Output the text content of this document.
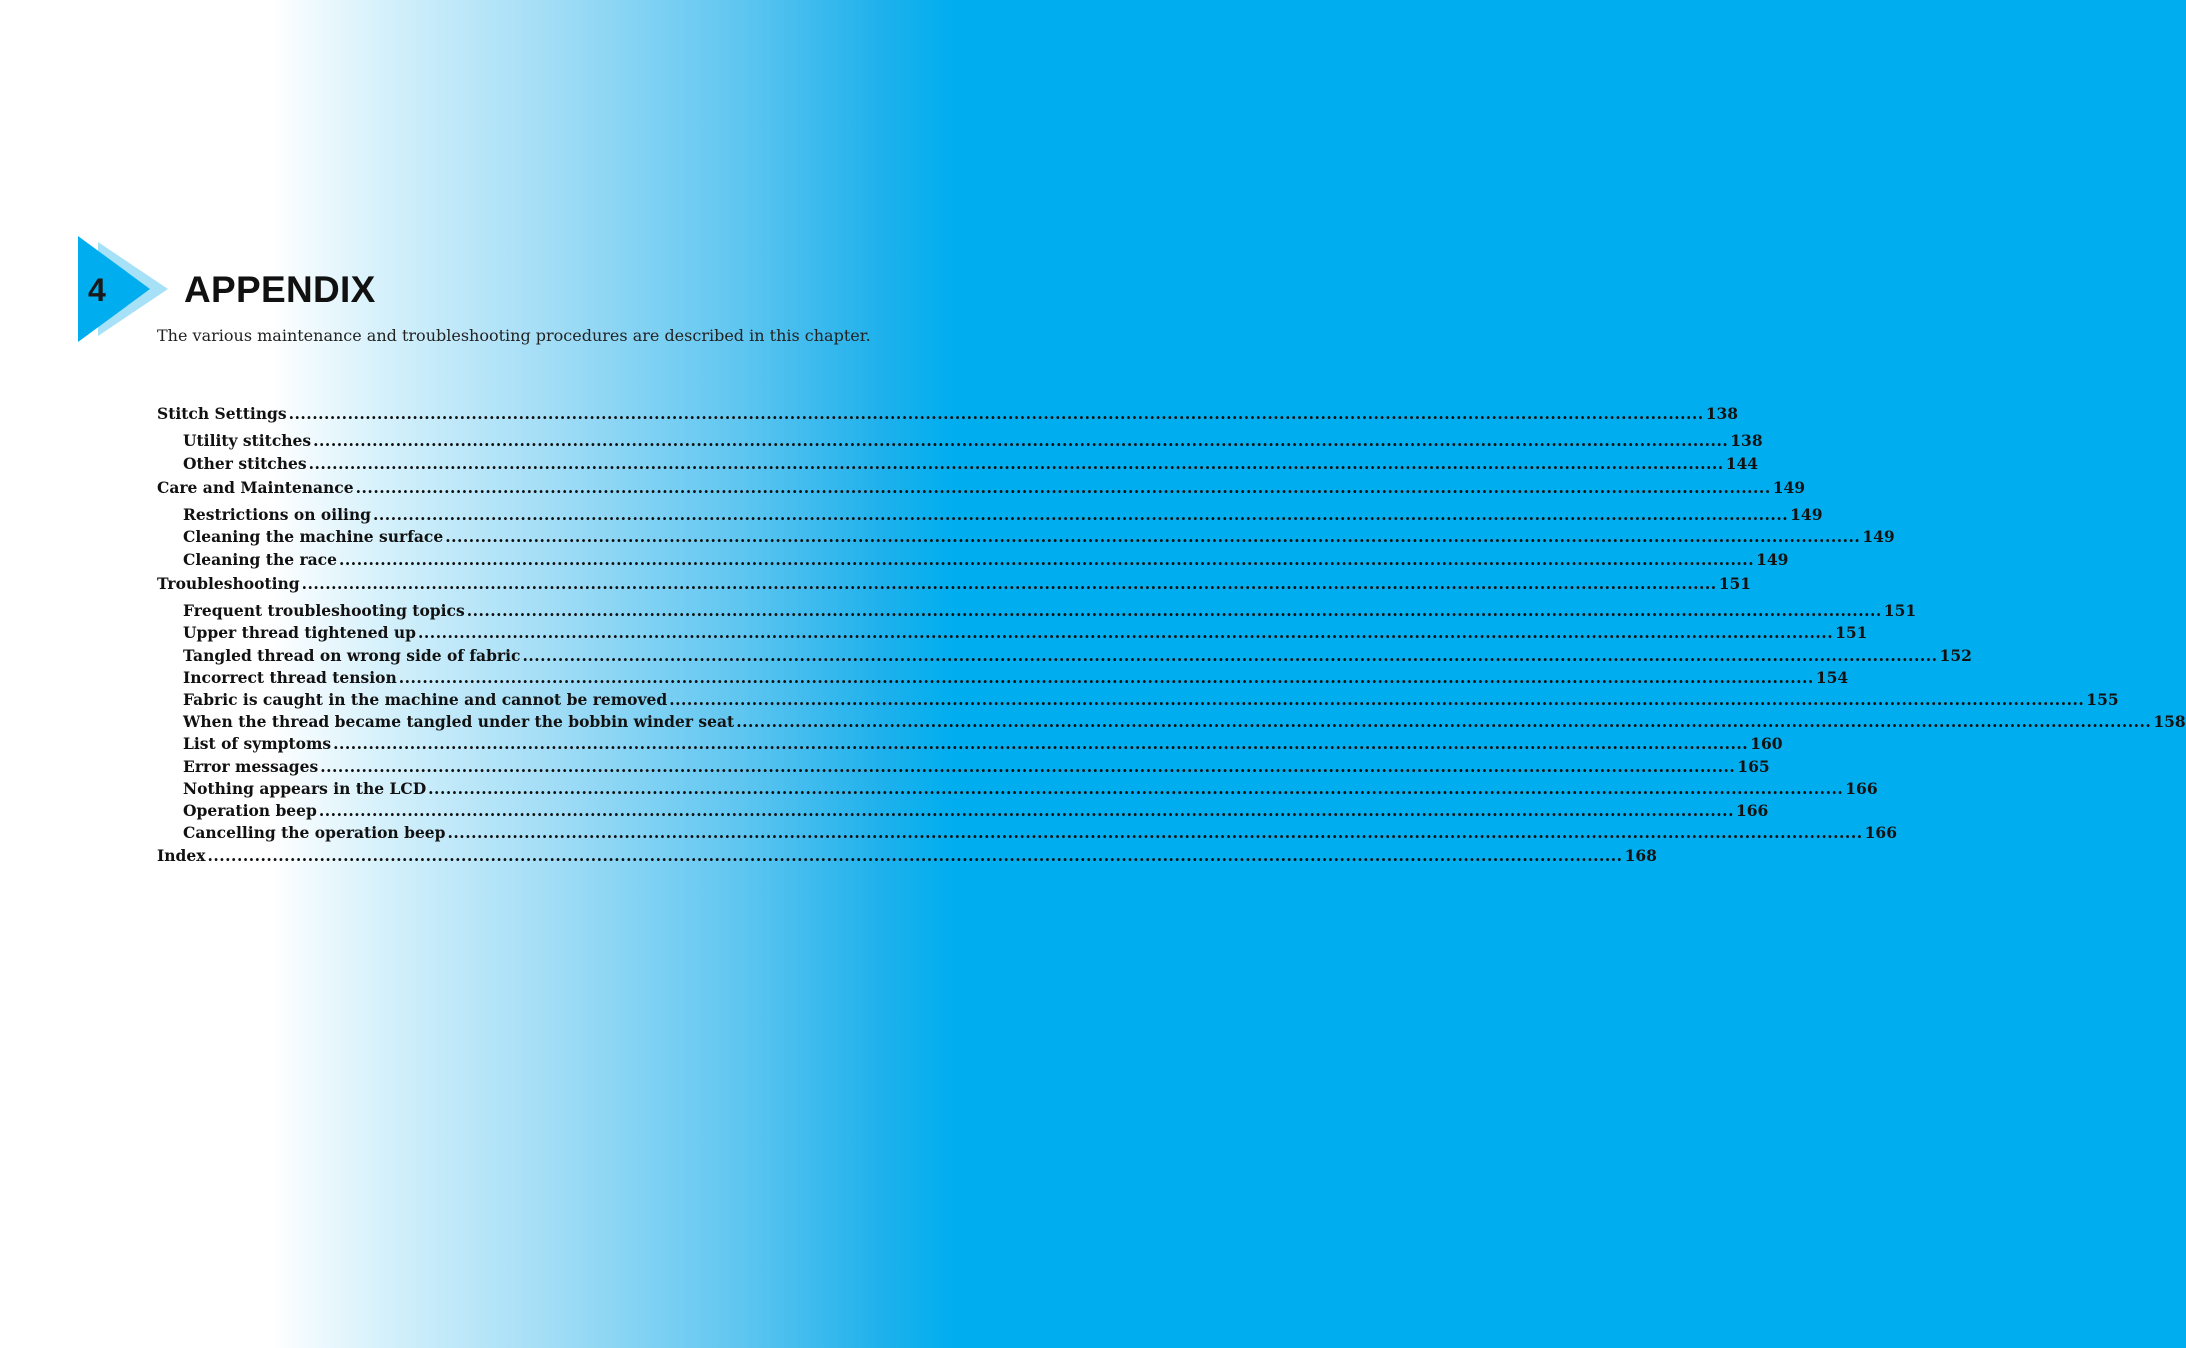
4 APPENDIX

The various maintenance and troubleshooting procedures are described in this chapter.

Stitch Settings ................................................................................................................................................................................................................................................ 138
Utility stitches ................................................................................................................................................................................................................................................ 138
Other stitches ................................................................................................................................................................................................................................................ 144
Care and Maintenance ................................................................................................................................................................................................................................................ 149
Restrictions on oiling ................................................................................................................................................................................................................................................ 149
Cleaning the machine surface ................................................................................................................................................................................................................................................ 149
Cleaning the race ................................................................................................................................................................................................................................................ 149
Troubleshooting ................................................................................................................................................................................................................................................ 151
Frequent troubleshooting topics ................................................................................................................................................................................................................................................ 151
Upper thread tightened up ................................................................................................................................................................................................................................................ 151
Tangled thread on wrong side of fabric ................................................................................................................................................................................................................................................ 152
Incorrect thread tension ................................................................................................................................................................................................................................................ 154
Fabric is caught in the machine and cannot be removed ................................................................................................................................................................................................................................................ 155
When the thread became tangled under the bobbin winder seat ................................................................................................................................................................................................................................................ 158
List of symptoms ................................................................................................................................................................................................................................................ 160
Error messages ................................................................................................................................................................................................................................................ 165
Nothing appears in the LCD ................................................................................................................................................................................................................................................ 166
Operation beep ................................................................................................................................................................................................................................................ 166
Cancelling the operation beep ................................................................................................................................................................................................................................................ 166
Index ................................................................................................................................................................................................................................................ 168
